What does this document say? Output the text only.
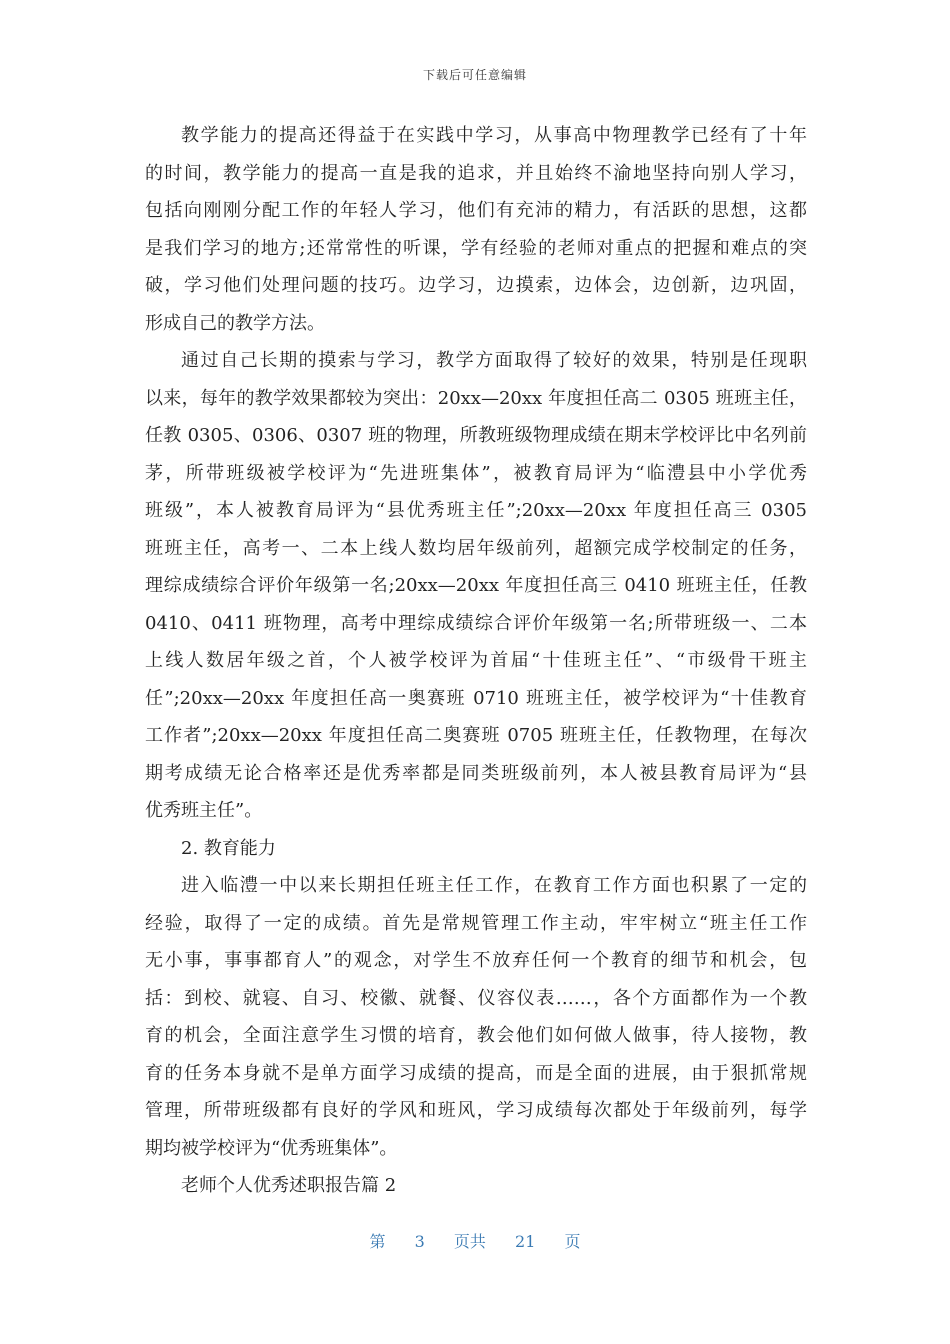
下载后可任意编辑
教学能力的提高还得益于在实践中学习，从事高中物理教学已经有了十年
的时间，教学能力的提高一直是我的追求，并且始终不渝地坚持向别人学习，
包括向刚刚分配工作的年轻人学习，他们有充沛的精力，有活跃的思想，这都
是我们学习的地方;还常常性的听课，学有经验的老师对重点的把握和难点的突
破，学习他们处理问题的技巧。边学习，边摸索，边体会，边创新，边巩固，
形成自己的教学方法。
通过自己长期的摸索与学习，教学方面取得了较好的效果，特别是任现职
以来，每年的教学效果都较为突出：20xx—20xx 年度担任高二 0305 班班主任，
任教 0305、0306、0307 班的物理，所教班级物理成绩在期末学校评比中名列前
茅，所带班级被学校评为“先进班集体”，被教育局评为“临澧县中小学优秀
班级”，本人被教育局评为“县优秀班主任”;20xx—20xx 年度担任高三 0305
班班主任，高考一、二本上线人数均居年级前列，超额完成学校制定的任务，
理综成绩综合评价年级第一名;20xx—20xx 年度担任高三 0410 班班主任，任教
0410、0411 班物理，高考中理综成绩综合评价年级第一名;所带班级一、二本
上线人数居年级之首，个人被学校评为首届“十佳班主任”、“市级骨干班主
任”;20xx—20xx 年度担任高一奥赛班 0710 班班主任，被学校评为“十佳教育
工作者”;20xx—20xx 年度担任高二奥赛班 0705 班班主任，任教物理，在每次
期考成绩无论合格率还是优秀率都是同类班级前列，本人被县教育局评为“县
优秀班主任”。
2. 教育能力
进入临澧一中以来长期担任班主任工作，在教育工作方面也积累了一定的
经验，取得了一定的成绩。首先是常规管理工作主动，牢牢树立“班主任工作
无小事，事事都育人”的观念，对学生不放弃任何一个教育的细节和机会，包
括：到校、就寝、自习、校徽、就餐、仪容仪表……，各个方面都作为一个教
育的机会，全面注意学生习惯的培育，教会他们如何做人做事，待人接物，教
育的任务本身就不是单方面学习成绩的提高，而是全面的进展，由于狠抓常规
管理，所带班级都有良好的学风和班风，学习成绩每次都处于年级前列，每学
期均被学校评为“优秀班集体”。
老师个人优秀述职报告篇 2
第 3 页共 21 页
